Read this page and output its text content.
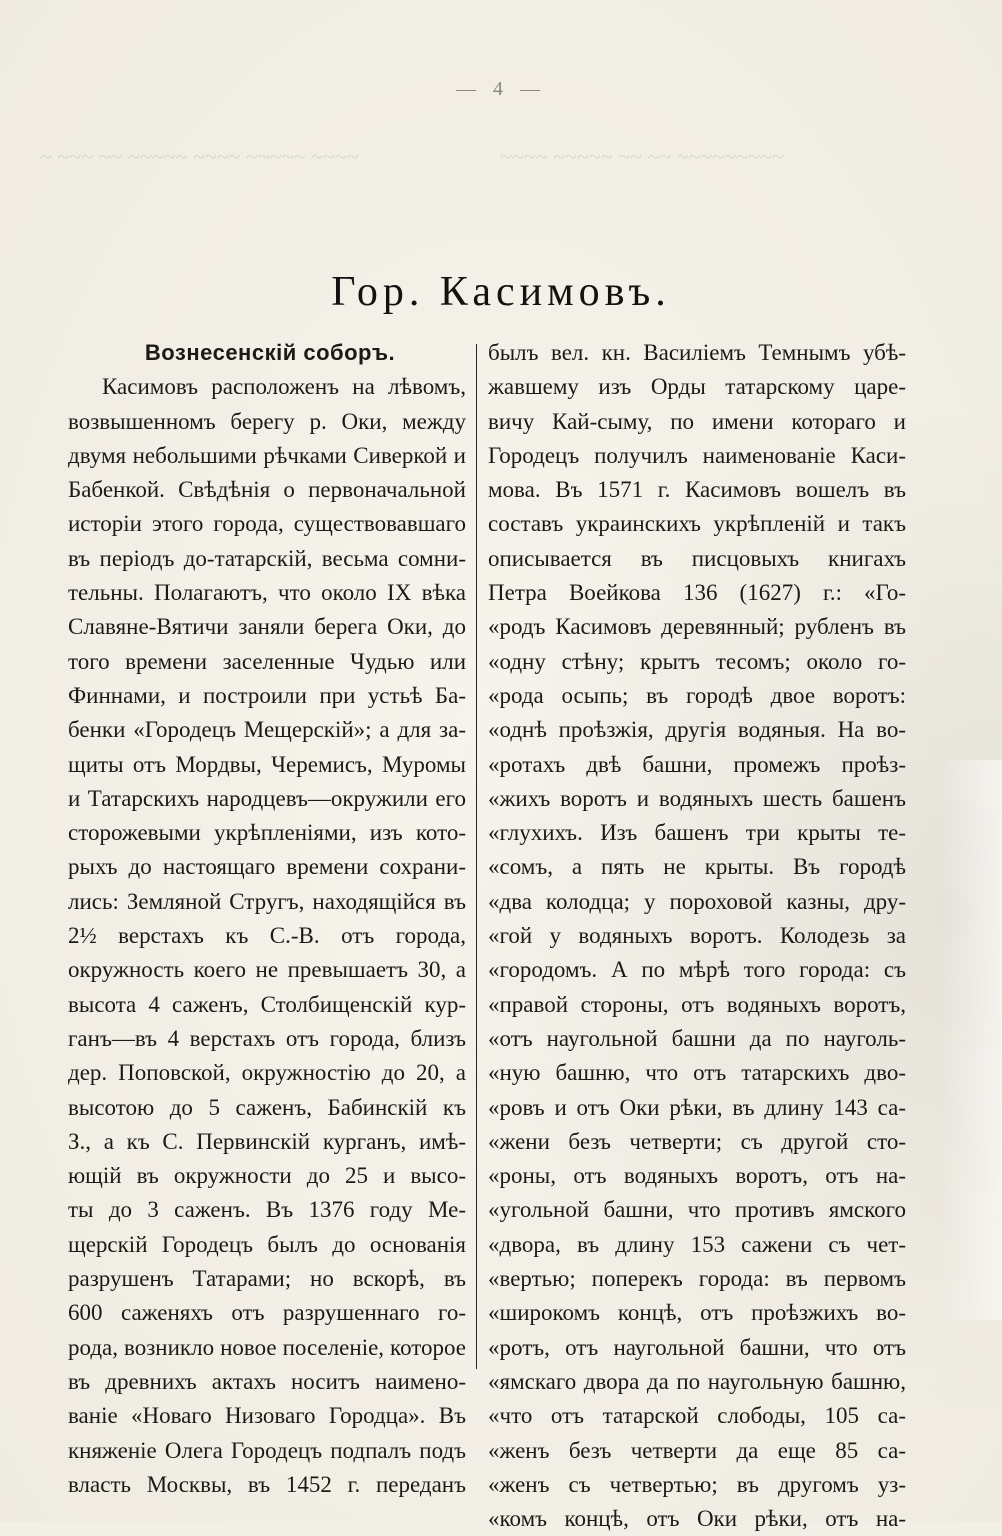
~ ~~~ ~~ ~~~~~ ~~~~ ~~~~~ ~~~~	~~~~ ~~~~~ ~~ ~~ ~~~~~~~~~
— 4 —
Гор. Касимовъ.
Вознесенскій соборъ.
Касимовъ расположенъ на лѣвомъ,
возвышенномъ берегу р. Оки, между
двумя небольшими рѣчками Сиверкой и
Бабенкой. Свѣдѣнія о первоначальной
исторіи этого города, существовавшаго
въ періодъ до-татарскій, весьма сомни-
тельны. Полагаютъ, что около IX вѣка
Славяне-Вятичи заняли берега Оки, до
того времени заселенные Чудью или
Финнами, и построили при устьѣ Ба-
бенки «Городецъ Мещерскій»; а для за-
щиты отъ Мордвы, Черемисъ, Муромы
и Татарскихъ народцевъ—окружили его
сторожевыми укрѣпленіями, изъ кото-
рыхъ до настоящаго времени сохрани-
лись: Земляной Стругъ, находящійся въ
2½ верстахъ къ С.-В. отъ города,
окружность коего не превышаетъ 30, а
высота 4 саженъ, Столбищенскій кур-
ганъ—въ 4 верстахъ отъ города, близъ
дер. Поповской, окружностію до 20, а
высотою до 5 саженъ, Бабинскій къ
З., а къ С. Первинскій курганъ, имѣ-
ющій въ окружности до 25 и высо-
ты до 3 саженъ. Въ 1376 году Ме-
щерскій Городецъ былъ до основанія
разрушенъ Татарами; но вскорѣ, въ
600 саженяхъ отъ разрушеннаго го-
рода, возникло новое поселеніе, которое
въ древнихъ актахъ носитъ наимено-
ваніе «Новаго Низоваго Городца». Въ
княженіе Олега Городецъ подпалъ подъ
власть Москвы, въ 1452 г. переданъ
былъ вел. кн. Василіемъ Темнымъ убѣ-
жавшему изъ Орды татарскому царе-
вичу Кай-сыму, по имени котораго и
Городецъ получилъ наименованіе Каси-
мова. Въ 1571 г. Касимовъ вошелъ въ
составъ украинскихъ укрѣпленій и такъ
описывается въ писцовыхъ книгахъ
Петра Воейкова 136 (1627) г.: «Го-
«родъ Касимовъ деревянный; рубленъ въ
«одну стѣну; крытъ тесомъ; около го-
«рода осыпь; въ городѣ двое воротъ:
«однѣ проѣзжія, другія водяныя. На во-
«ротахъ двѣ башни, промежъ проѣз-
«жихъ воротъ и водяныхъ шесть башенъ
«глухихъ. Изъ башенъ три крыты те-
«сомъ, а пять не крыты. Въ городѣ
«два колодца; у пороховой казны, дру-
«гой у водяныхъ воротъ. Колодезь за
«городомъ. А по мѣрѣ того города: съ
«правой стороны, отъ водяныхъ воротъ,
«отъ наугольной башни да по науголь-
«ную башню, что отъ татарскихъ дво-
«ровъ и отъ Оки рѣки, въ длину 143 са-
«жени безъ четверти; съ другой сто-
«роны, отъ водяныхъ воротъ, отъ на-
«угольной башни, что противъ ямского
«двора, въ длину 153 сажени съ чет-
«вертью; поперекъ города: въ первомъ
«широкомъ концѣ, отъ проѣзжихъ во-
«ротъ, отъ наугольной башни, что отъ
«ямскаго двора да по наугольную башню,
«что отъ татарской слободы, 105 са-
«женъ безъ четверти да еще 85 са-
«женъ съ четвертью; въ другомъ уз-
«комъ концѣ, отъ Оки рѣки, отъ на-
